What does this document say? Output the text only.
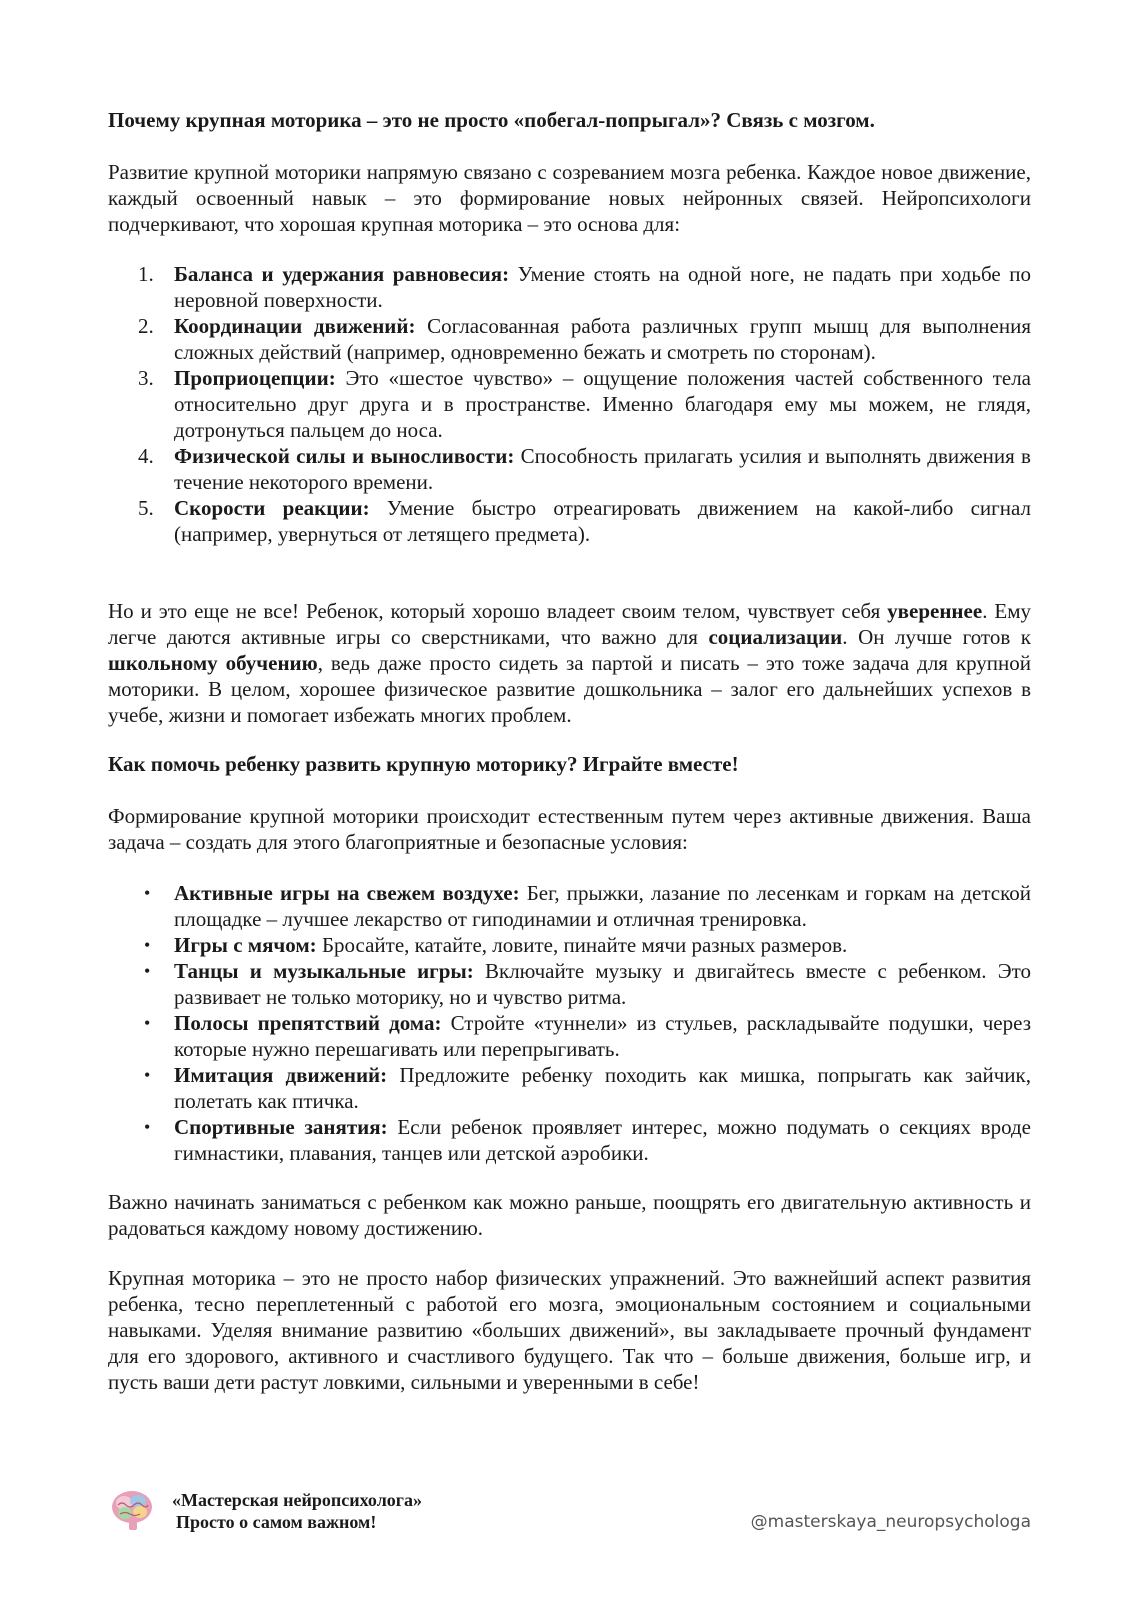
Почему крупная моторика – это не просто «побегал-попрыгал»? Связь с мозгом.

Развитие крупной моторики напрямую связано с созреванием мозга ребенка. Каждое новое движение, каждый освоенный навык – это формирование новых нейронных связей. Нейропсихологи подчеркивают, что хорошая крупная моторика – это основа для:

1. Баланса и удержания равновесия: Умение стоять на одной ноге, не падать при ходьбе по неровной поверхности.
2. Координации движений: Согласованная работа различных групп мышц для выполнения сложных действий (например, одновременно бежать и смотреть по сторонам).
3. Проприоцепции: Это «шестое чувство» – ощущение положения частей собственного тела относительно друг друга и в пространстве. Именно благодаря ему мы можем, не глядя, дотронуться пальцем до носа.
4. Физической силы и выносливости: Способность прилагать усилия и выполнять движения в течение некоторого времени.
5. Скорости реакции: Умение быстро отреагировать движением на какой-либо сигнал (например, увернуться от летящего предмета).

Но и это еще не все! Ребенок, который хорошо владеет своим телом, чувствует себя увереннее. Ему легче даются активные игры со сверстниками, что важно для социализации. Он лучше готов к школьному обучению, ведь даже просто сидеть за партой и писать – это тоже задача для крупной моторики. В целом, хорошее физическое развитие дошкольника – залог его дальнейших успехов в учебе, жизни и помогает избежать многих проблем.

Как помочь ребенку развить крупную моторику? Играйте вместе!

Формирование крупной моторики происходит естественным путем через активные движения. Ваша задача – создать для этого благоприятные и безопасные условия:

• Активные игры на свежем воздухе: Бег, прыжки, лазание по лесенкам и горкам на детской площадке – лучшее лекарство от гиподинамии и отличная тренировка.
• Игры с мячом: Бросайте, катайте, ловите, пинайте мячи разных размеров.
• Танцы и музыкальные игры: Включайте музыку и двигайтесь вместе с ребенком. Это развивает не только моторику, но и чувство ритма.
• Полосы препятствий дома: Стройте «туннели» из стульев, раскладывайте подушки, через которые нужно перешагивать или перепрыгивать.
• Имитация движений: Предложите ребенку походить как мишка, попрыгать как зайчик, полетать как птичка.
• Спортивные занятия: Если ребенок проявляет интерес, можно подумать о секциях вроде гимнастики, плавания, танцев или детской аэробики.

Важно начинать заниматься с ребенком как можно раньше, поощрять его двигательную активность и радоваться каждому новому достижению.

Крупная моторика – это не просто набор физических упражнений. Это важнейший аспект развития ребенка, тесно переплетенный с работой его мозга, эмоциональным состоянием и социальными навыками. Уделяя внимание развитию «больших движений», вы закладываете прочный фундамент для его здорового, активного и счастливого будущего. Так что – больше движения, больше игр, и пусть ваши дети растут ловкими, сильными и уверенными в себе!

«Мастерская нейропсихолога»
Просто о самом важном!	@masterskaya_neuropsychologa
